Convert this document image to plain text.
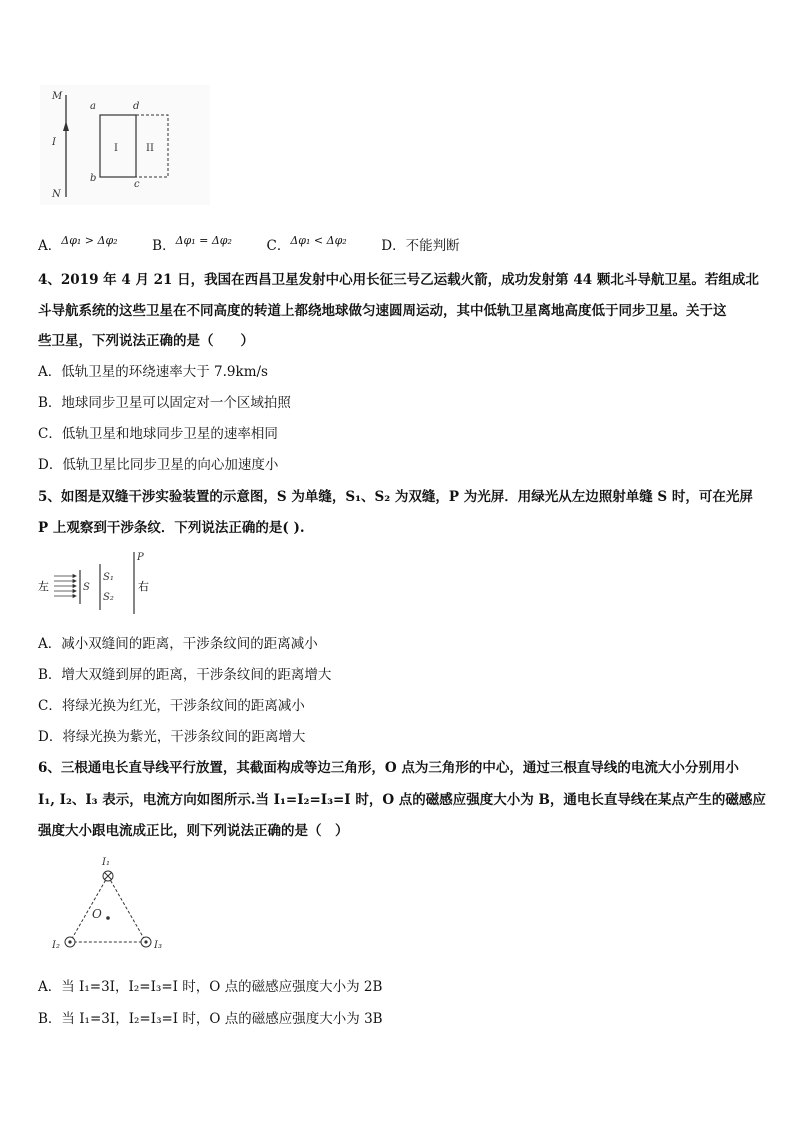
M
I
N
a	d
b
c
I	II
A．$^{\Delta\varphi_1 > \Delta\varphi_2}$	B．$^{\Delta\varphi_1 = \Delta\varphi_2}$	C．$^{\Delta\varphi_1 < \Delta\varphi_2}$	D．不能判断
4、2019 年 4 月 21 日，我国在西昌卫星发射中心用长征三号乙运载火箭，成功发射第 44 颗北斗导航卫星。若组成北
斗导航系统的这些卫星在不同高度的转道上都绕地球做匀速圆周运动，其中低轨卫星离地高度低于同步卫星。关于这
些卫星，下列说法正确的是（　　）
A．低轨卫星的环绕速率大于 7.9km/s
B．地球同步卫星可以固定对一个区域拍照
C．低轨卫星和地球同步卫星的速率相同
D．低轨卫星比同步卫星的向心加速度小
5、如图是双缝干涉实验装置的示意图，S 为单缝，S₁、S₂ 为双缝，P 为光屏．用绿光从左边照射单缝 S 时，可在光屏
P 上观察到干涉条纹．下列说法正确的是( ).
左	S
S₁
S₂
P
右
A．减小双缝间的距离，干涉条纹间的距离减小
B．增大双缝到屏的距离，干涉条纹间的距离增大
C．将绿光换为红光，干涉条纹间的距离减小
D．将绿光换为紫光，干涉条纹间的距离增大
6、三根通电长直导线平行放置，其截面构成等边三角形，O 点为三角形的中心，通过三根直导线的电流大小分别用小
I₁, I₂、I₃ 表示，电流方向如图所示.当 I₁=I₂=I₃=I 时，O 点的磁感应强度大小为 B，通电长直导线在某点产生的磁感应
强度大小跟电流成正比，则下列说法正确的是（　）
I₁
I₂	I₃
O
A．当 I₁=3I，I₂=I₃=I 时，O 点的磁感应强度大小为 2B
B．当 I₁=3I，I₂=I₃=I 时，O 点的磁感应强度大小为 3B
